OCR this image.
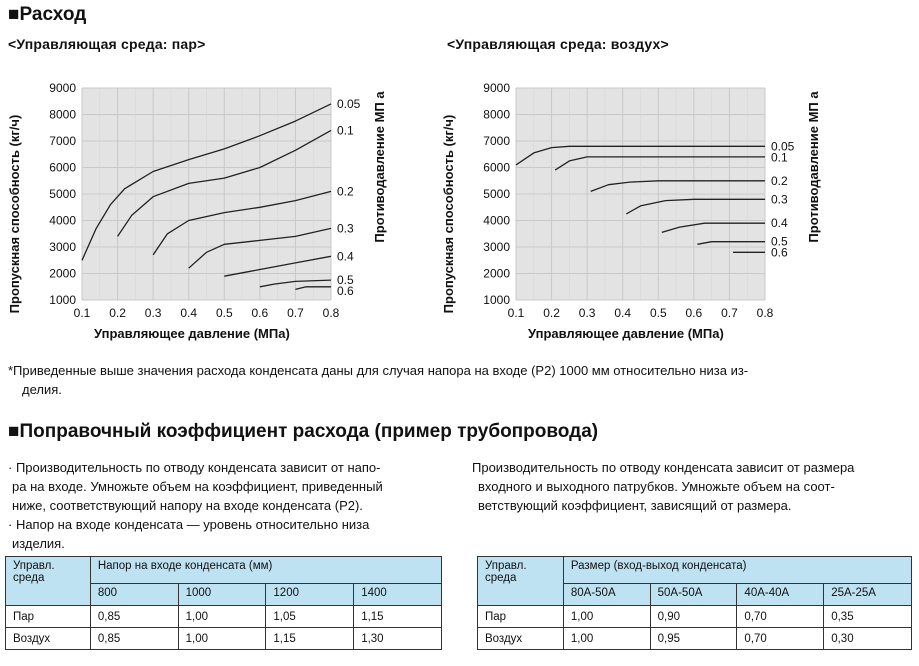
■Расход
<Управляющая среда: пар>	<Управляющая среда: воздух>
0.1 0.2 0.3 0.4 0.5 0.6 0.7 0.8
1000
2000
3000
4000
5000
6000
7000
8000
9000
Управляющее давление (МПа)
Пропускная способность (кг/ч)	Противодавление МП а
0.05
0.1
0.2
0.3
0.4
0.5
0.6
0.1 0.2 0.3 0.4 0.5 0.6 0.7 0.8
1000
2000
3000
4000
5000
6000
7000
8000
9000
Управляющее давление (МПа)
Пропускная способность (кг/ч)	Противодавление МП а
0.05
0.1
0.2
0.3
0.4
0.5
0.6
*Приведенные выше значения расхода конденсата даны для случая напора на входе (P2) 1000 мм относительно низа из-
делия.
■Поправочный коэффициент расхода (пример трубопровода)
· Производительность по отводу конденсата зависит от напо-
ра на входе. Умножьте объем на коэффициент, приведенный
ниже, соответствующий напору на входе конденсата (P2).
· Напор на входе конденсата — уровень относительно низа
изделия.
Производительность по отводу конденсата зависит от размера
входного и выходного патрубков. Умножьте объем на соот-
ветствующий коэффициент, зависящий от размера.
Управл. среда	Напор на входе конденсата (мм)			
	800	1000	1200	1400
Пар	0,85	1,00	1,05	1,15
Воздух	0,85	1,00	1,15	1,30
Управл. среда	Размер (вход-выход конденсата)			
	80A-50A	50A-50A	40A-40A	25A-25A
Пар	1,00	0,90	0,70	0,35
Воздух	1,00	0,95	0,70	0,30
